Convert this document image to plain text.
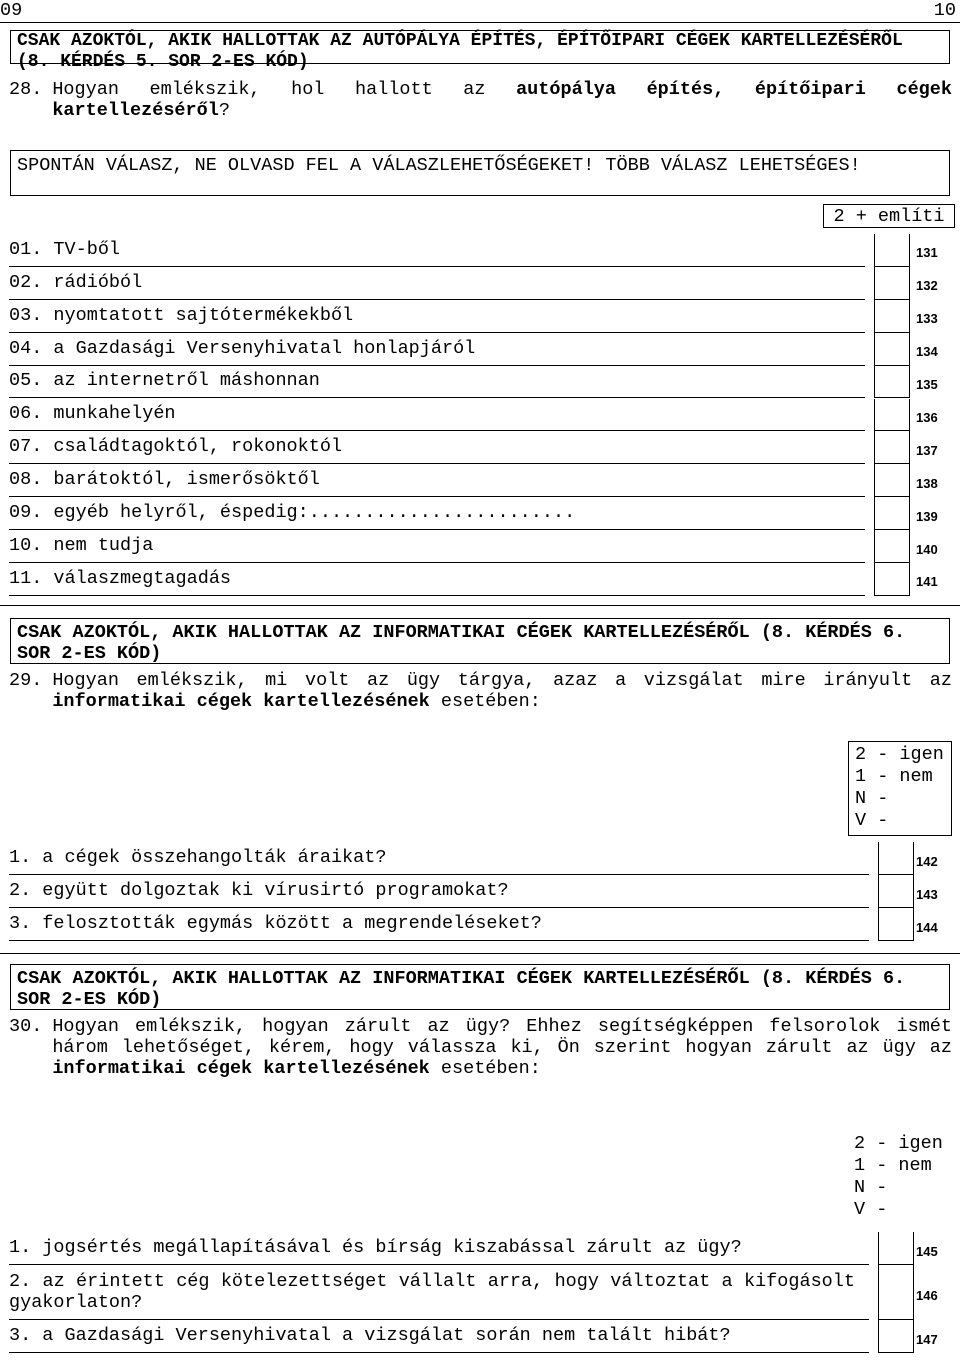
09	10
CSAK AZOKTÓL, AKIK HALLOTTAK AZ AUTÓPÁLYA ÉPÍTÉS, ÉPÍTŐIPARI CÉGEK KARTELLEZÉSÉRŐL (8. KÉRDÉS 5. SOR 2-ES KÓD)
28. Hogyan emlékszik, hol hallott az autópálya építés, építőipari cégek kartellezéséről?
SPONTÁN VÁLASZ, NE OLVASD FEL A VÁLASZLEHETŐSÉGEKET! TÖBB VÁLASZ LEHETSÉGES!
2 + említi
01. TV-ből	131
02. rádióból	132
03. nyomtatott sajtótermékekből	133
04. a Gazdasági Versenyhivatal honlapjáról	134
05. az internetről máshonnan	135
06. munkahelyén	136
07. családtagoktól, rokonoktól	137
08. barátoktól, ismerősöktől	138
09. egyéb helyről, éspedig:........................	139
10. nem tudja	140
11. válaszmegtagadás	141
CSAK AZOKTÓL, AKIK HALLOTTAK AZ INFORMATIKAI CÉGEK KARTELLEZÉSÉRŐL (8. KÉRDÉS 6. SOR 2-ES KÓD)
29. Hogyan emlékszik, mi volt az ügy tárgya, azaz a vizsgálat mire irányult az informatikai cégek kartellezésének esetében:
2 - igen
1 - nem
N -
V -
1. a cégek összehangolták áraikat?	142
2. együtt dolgoztak ki vírusirtó programokat?	143
3. felosztották egymás között a megrendeléseket?	144
CSAK AZOKTÓL, AKIK HALLOTTAK AZ INFORMATIKAI CÉGEK KARTELLEZÉSÉRŐL (8. KÉRDÉS 6. SOR 2-ES KÓD)
30. Hogyan emlékszik, hogyan zárult az ügy? Ehhez segítségképpen felsorolok ismét három lehetőséget, kérem, hogy válassza ki, Ön szerint hogyan zárult az ügy az informatikai cégek kartellezésének esetében:
2 - igen
1 - nem
N -
V -
1. jogsértés megállapításával és bírság kiszabással zárult az ügy?	145
2. az érintett cég kötelezettséget vállalt arra, hogy változtat a kifogásolt gyakorlaton?	146
3. a Gazdasági Versenyhivatal a vizsgálat során nem talált hibát?	147
